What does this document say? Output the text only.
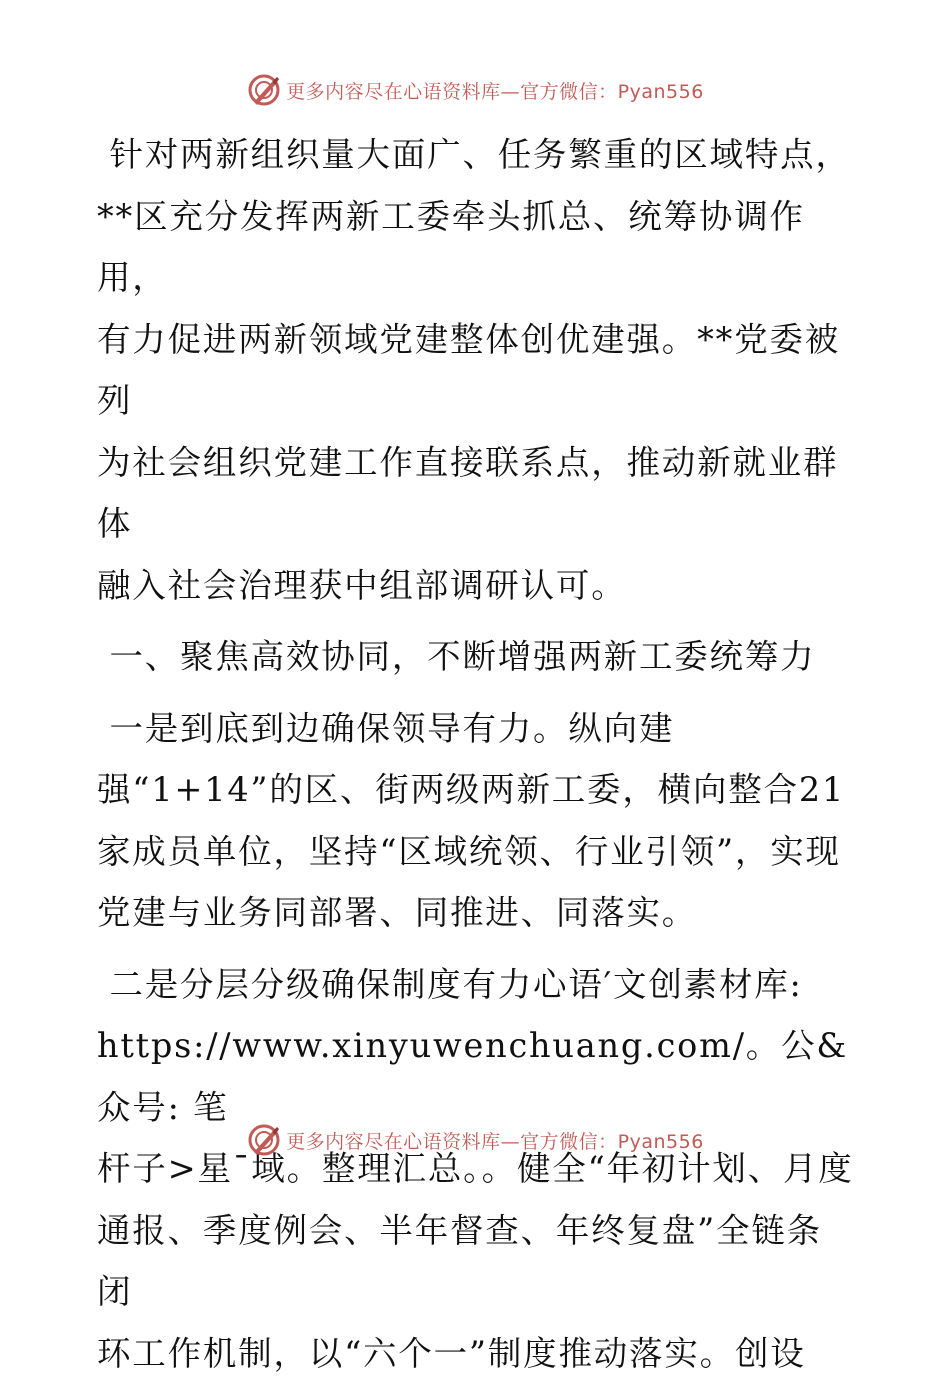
更多内容尽在心语资料库—官方微信：Pyan556

针对两新组织量大面广、任务繁重的区域特点，
**区充分发挥两新工委牵头抓总、统筹协调作用，
有力促进两新领域党建整体创优建强。**党委被列
为社会组织党建工作直接联系点，推动新就业群体
融入社会治理获中组部调研认可。

一、聚焦高效协同，不断增强两新工委统筹力

一是到底到边确保领导有力。纵向建
强“1+14”的区、街两级两新工委，横向整合21
家成员单位，坚持“区域统领、行业引领”，实现
党建与业务同部署、同推进、同落实。

二是分层分级确保制度有力心语′文创素材库:
https://www.xinyuwenchuang.com/。公&众号: 笔
杆子>星¯域。整理汇总。。健全“年初计划、月度
通报、季度例会、半年督查、年终复盘”全链条闭
环工作机制，以“六个一”制度推动落实。创设

更多内容尽在心语资料库—官方微信：Pyan556
